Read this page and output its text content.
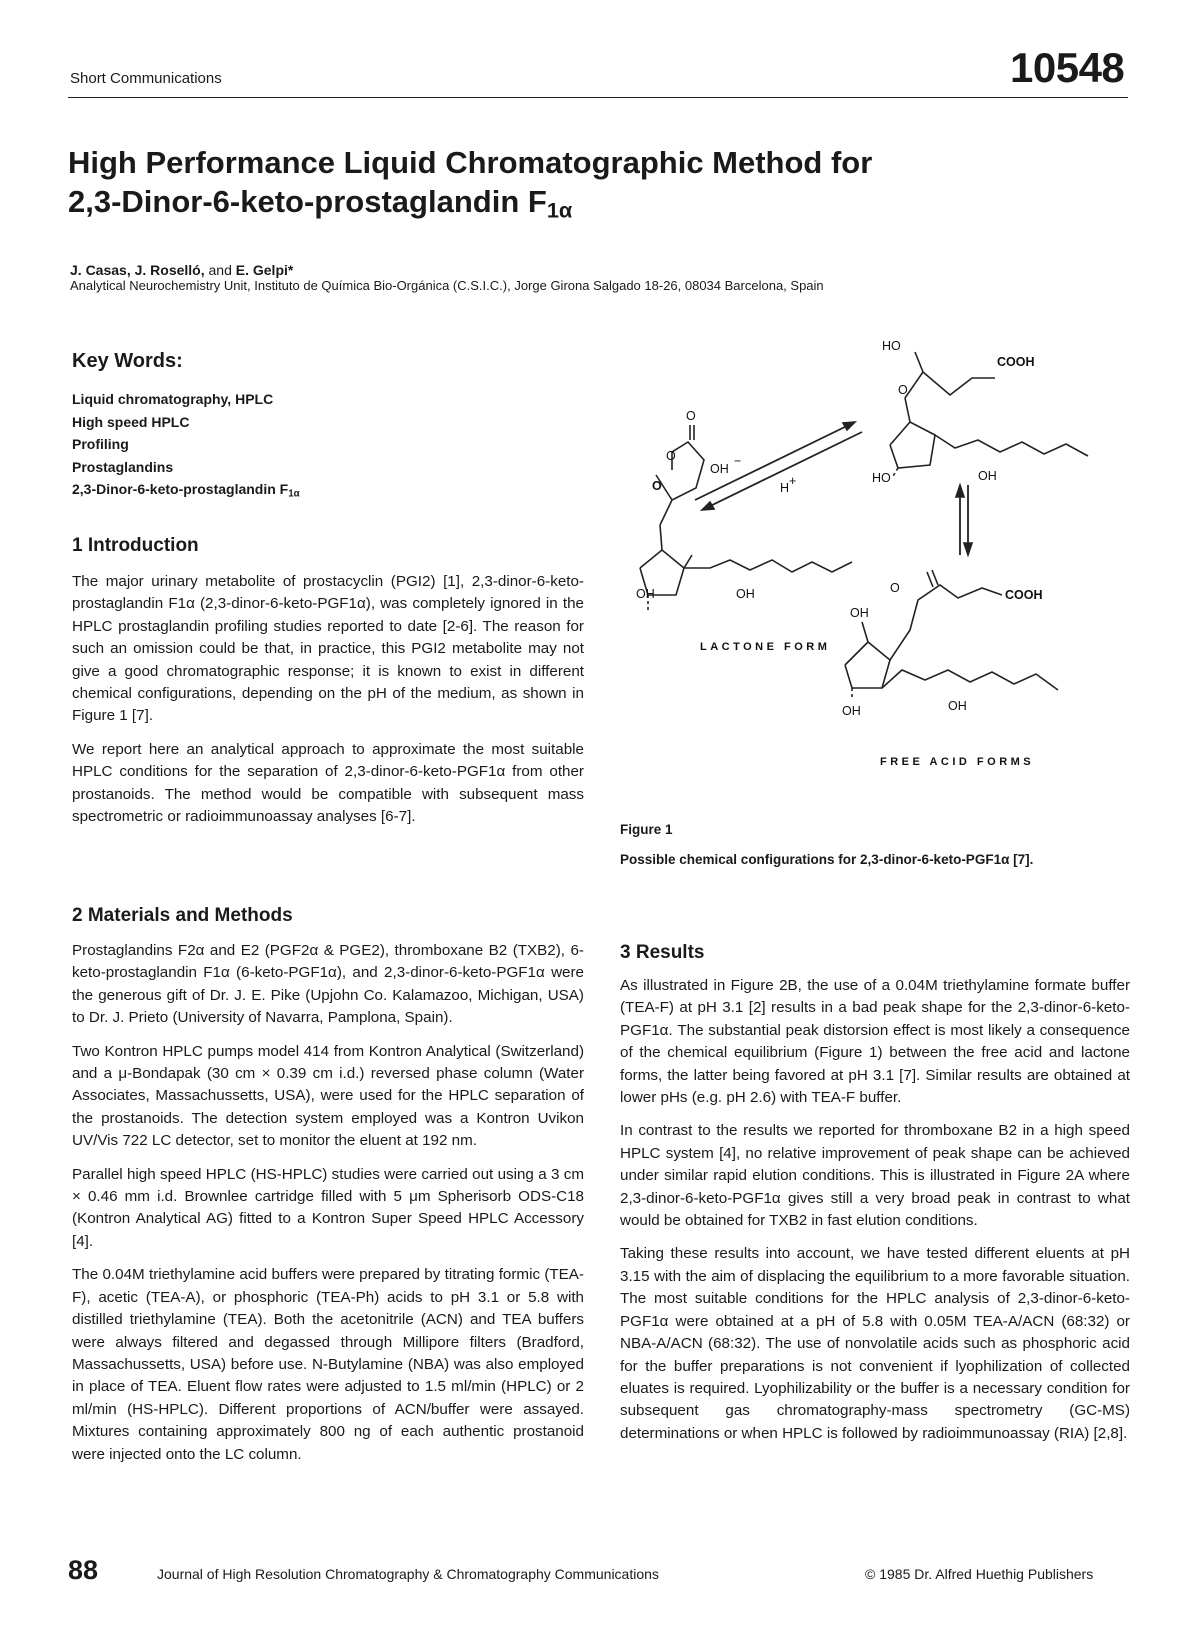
Short Communications	10548
High Performance Liquid Chromatographic Method for
2,3-Dinor-6-keto-prostaglandin $F_{1\alpha}$
J. Casas, J. Roselló, and E. Gelpi*
Analytical Neurochemistry Unit, Instituto de Química Bio-Orgánica (C.S.I.C.), Jorge Girona Salgado 18-26, 08034 Barcelona, Spain
Key Words:
Liquid chromatography, HPLC
High speed HPLC
Profiling
Prostaglandins
2,3-Dinor-6-keto-prostaglandin $F_{1\alpha}$
1 Introduction

The major urinary metabolite of prostacyclin (PGI2) [1], 2,3-dinor-6-keto-prostaglandin F1α (2,3-dinor-6-keto-PGF1α), was completely ignored in the HPLC prostaglandin profiling studies reported to date [2-6]. The reason for such an omission could be that, in practice, this PGI2 metabolite may not give a good chromatographic response; it is known to exist in different chemical configurations, depending on the pH of the medium, as shown in Figure 1 [7].

We report here an analytical approach to approximate the most suitable HPLC conditions for the separation of 2,3-dinor-6-keto-PGF1α from other prostanoids. The method would be compatible with subsequent mass spectrometric or radioimmunoassay analyses [6-7].

2 Materials and Methods

Prostaglandins F2α and E2 (PGF2α & PGE2), thromboxane B2 (TXB2), 6-keto-prostaglandin F1α (6-keto-PGF1α), and 2,3-dinor-6-keto-PGF1α were the generous gift of Dr. J. E. Pike (Upjohn Co. Kalamazoo, Michigan, USA) to Dr. J. Prieto (University of Navarra, Pamplona, Spain).

Two Kontron HPLC pumps model 414 from Kontron Analytical (Switzerland) and a μ-Bondapak (30 cm × 0.39 cm i.d.) reversed phase column (Water Associates, Massachussetts, USA), were used for the HPLC separation of the prostanoids. The detection system employed was a Kontron Uvikon UV/Vis 722 LC detector, set to monitor the eluent at 192 nm.

Parallel high speed HPLC (HS-HPLC) studies were carried out using a 3 cm × 0.46 mm i.d. Brownlee cartridge filled with 5 μm Spherisorb ODS-C18 (Kontron Analytical AG) fitted to a Kontron Super Speed HPLC Accessory [4].

The 0.04M triethylamine acid buffers were prepared by titrating formic (TEA-F), acetic (TEA-A), or phosphoric (TEA-Ph) acids to pH 3.1 or 5.8 with distilled triethylamine (TEA). Both the acetonitrile (ACN) and TEA buffers were always filtered and degassed through Millipore filters (Bradford, Massachussetts, USA) before use. N-Butylamine (NBA) was also employed in place of TEA. Eluent flow rates were adjusted to 1.5 ml/min (HPLC) or 2 ml/min (HS-HPLC). Different proportions of ACN/buffer were assayed. Mixtures containing approximately 800 ng of each authentic prostanoid were injected onto the LC column.

HO
COOH
O
HO	OH
O
O
O
OH
−
H +
OH	OH
LACTONE FORM
O	COOH
OH
OH	OH
FREE ACID FORMS
Figure 1
Possible chemical configurations for 2,3-dinor-6-keto-PGF1α [7].
3 Results

As illustrated in Figure 2B, the use of a 0.04M triethylamine formate buffer (TEA-F) at pH 3.1 [2] results in a bad peak shape for the 2,3-dinor-6-keto-PGF1α. The substantial peak distorsion effect is most likely a consequence of the chemical equilibrium (Figure 1) between the free acid and lactone forms, the latter being favored at pH 3.1 [7]. Similar results are obtained at lower pHs (e.g. pH 2.6) with TEA-F buffer.

In contrast to the results we reported for thromboxane B2 in a high speed HPLC system [4], no relative improvement of peak shape can be achieved under similar rapid elution conditions. This is illustrated in Figure 2A where 2,3-dinor-6-keto-PGF1α gives still a very broad peak in contrast to what would be obtained for TXB2 in fast elution conditions.

Taking these results into account, we have tested different eluents at pH 3.15 with the aim of displacing the equilibrium to a more favorable situation. The most suitable conditions for the HPLC analysis of 2,3-dinor-6-keto-PGF1α were obtained at a pH of 5.8 with 0.05M TEA-A/ACN (68:32) or NBA-A/ACN (68:32). The use of nonvolatile acids such as phosphoric acid for the buffer preparations is not convenient if lyophilization of collected eluates is required. Lyophilizability or the buffer is a necessary condition for subsequent gas chromatography-mass spectrometry (GC-MS) determinations or when HPLC is followed by radioimmunoassay (RIA) [2,8].

88	Journal of High Resolution Chromatography & Chromatography Communications	© 1985 Dr. Alfred Huethig Publishers
